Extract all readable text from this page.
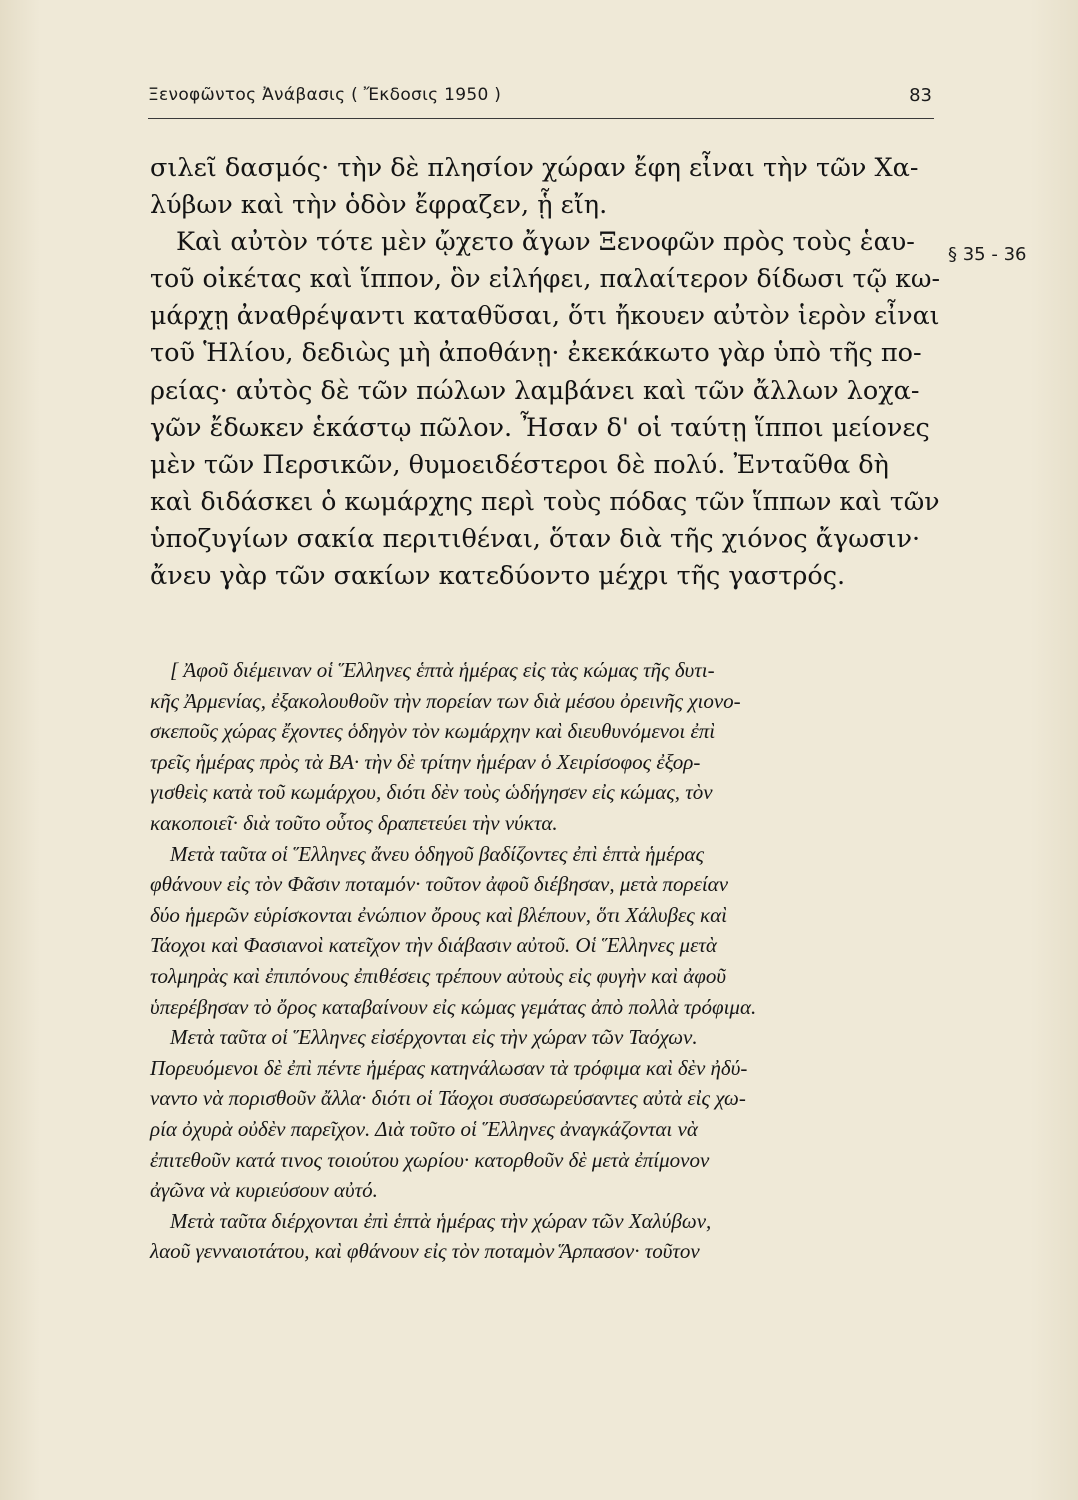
Ξενοφῶντος Ἀνάβασις ( Ἔκδοσις 1950 )	83
σιλεῖ δασμός· τὴν δὲ πλησίον χώραν ἔφη εἶναι τὴν τῶν Χα-
λύβων καὶ τὴν ὁδὸν ἔφραζεν, ᾗ εἴη.
Καὶ αὐτὸν τότε μὲν ᾤχετο ἄγων Ξενοφῶν πρὸς τοὺς ἑαυ-
τοῦ οἰκέτας καὶ ἵππον, ὃν εἰλήφει, παλαίτερον δίδωσι τῷ κω-
μάρχῃ ἀναθρέψαντι καταθῦσαι, ὅτι ἤκουεν αὐτὸν ἱερὸν εἶναι
τοῦ Ἡλίου, δεδιὼς μὴ ἀποθάνῃ· ἐκεκάκωτο γὰρ ὑπὸ τῆς πο-
ρείας· αὐτὸς δὲ τῶν πώλων λαμβάνει καὶ τῶν ἄλλων λοχα-
γῶν ἔδωκεν ἑκάστῳ πῶλον. Ἦσαν δ' οἱ ταύτῃ ἵπποι μείονες
μὲν τῶν Περσικῶν, θυμοειδέστεροι δὲ πολύ. Ἐνταῦθα δὴ
καὶ διδάσκει ὁ κωμάρχης περὶ τοὺς πόδας τῶν ἵππων καὶ τῶν
ὑποζυγίων σακία περιτιθέναι, ὅταν διὰ τῆς χιόνος ἄγωσιν·
ἄνευ γὰρ τῶν σακίων κατεδύοντο μέχρι τῆς γαστρός.
§ 35 - 36
[ Ἀφοῦ διέμειναν οἱ Ἕλληνες ἑπτὰ ἡμέρας εἰς τὰς κώμας τῆς δυτι-
κῆς Ἀρμενίας, ἐξακολουθοῦν τὴν πορείαν των διὰ μέσου ὀρεινῆς χιονο-
σκεποῦς χώρας ἔχοντες ὁδηγὸν τὸν κωμάρχην καὶ διευθυνόμενοι ἐπὶ
τρεῖς ἡμέρας πρὸς τὰ ΒΑ· τὴν δὲ τρίτην ἡμέραν ὁ Χειρίσοφος ἐξορ-
γισθεὶς κατὰ τοῦ κωμάρχου, διότι δὲν τοὺς ὡδήγησεν εἰς κώμας, τὸν
κακοποιεῖ· διὰ τοῦτο οὗτος δραπετεύει τὴν νύκτα.
Μετὰ ταῦτα οἱ Ἕλληνες ἄνευ ὁδηγοῦ βαδίζοντες ἐπὶ ἑπτὰ ἡμέρας
φθάνουν εἰς τὸν Φᾶσιν ποταμόν· τοῦτον ἀφοῦ διέβησαν, μετὰ πορείαν
δύο ἡμερῶν εὑρίσκονται ἐνώπιον ὄρους καὶ βλέπουν, ὅτι Χάλυβες καὶ
Τάοχοι καὶ Φασιανοὶ κατεῖχον τὴν διάβασιν αὐτοῦ. Οἱ Ἕλληνες μετὰ
τολμηρὰς καὶ ἐπιπόνους ἐπιθέσεις τρέπουν αὐτοὺς εἰς φυγὴν καὶ ἀφοῦ
ὑπερέβησαν τὸ ὄρος καταβαίνουν εἰς κώμας γεμάτας ἀπὸ πολλὰ τρόφιμα.
Μετὰ ταῦτα οἱ Ἕλληνες εἰσέρχονται εἰς τὴν χώραν τῶν Ταόχων.
Πορευόμενοι δὲ ἐπὶ πέντε ἡμέρας κατηνάλωσαν τὰ τρόφιμα καὶ δὲν ἠδύ-
ναντο νὰ πορισθοῦν ἄλλα· διότι οἱ Τάοχοι συσσωρεύσαντες αὐτὰ εἰς χω-
ρία ὀχυρὰ οὐδὲν παρεῖχον. Διὰ τοῦτο οἱ Ἕλληνες ἀναγκάζονται νὰ
ἐπιτεθοῦν κατά τινος τοιούτου χωρίου· κατορθοῦν δὲ μετὰ ἐπίμονον
ἀγῶνα νὰ κυριεύσουν αὐτό.
Μετὰ ταῦτα διέρχονται ἐπὶ ἑπτὰ ἡμέρας τὴν χώραν τῶν Χαλύβων,
λαοῦ γενναιοτάτου, καὶ φθάνουν εἰς τὸν ποταμὸν Ἅρπασον· τοῦτον
